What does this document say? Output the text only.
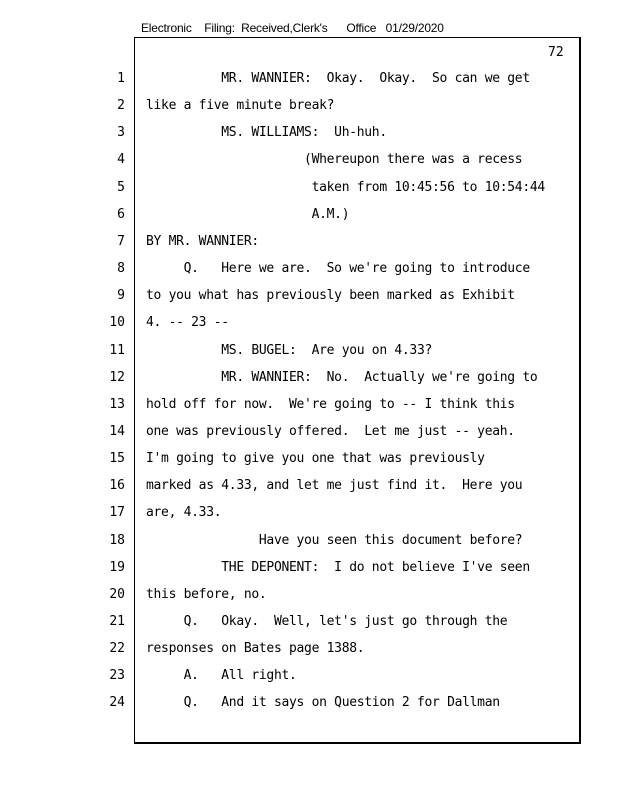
Electronic    Filing:  Received,Clerk's      Office   01/29/2020
72
1 MR. WANNIER:  Okay.  Okay.  So can we get
2 like a five minute break?
3 MS. WILLIAMS:  Uh-huh.
4 (Whereupon there was a recess
5 taken from 10:45:56 to 10:54:44
6 A.M.)
7 BY MR. WANNIER:
8 Q.   Here we are.  So we're going to introduce
9 to you what has previously been marked as Exhibit
10 4. -- 23 --
11 MS. BUGEL:  Are you on 4.33?
12 MR. WANNIER:  No.  Actually we're going to
13 hold off for now.  We're going to -- I think this
14 one was previously offered.  Let me just -- yeah.
15 I'm going to give you one that was previously
16 marked as 4.33, and let me just find it.  Here you
17 are, 4.33.
18 Have you seen this document before?
19 THE DEPONENT:  I do not believe I've seen
20 this before, no.
21 Q.   Okay.  Well, let's just go through the
22 responses on Bates page 1388.
23 A.   All right.
24 Q.   And it says on Question 2 for Dallman
